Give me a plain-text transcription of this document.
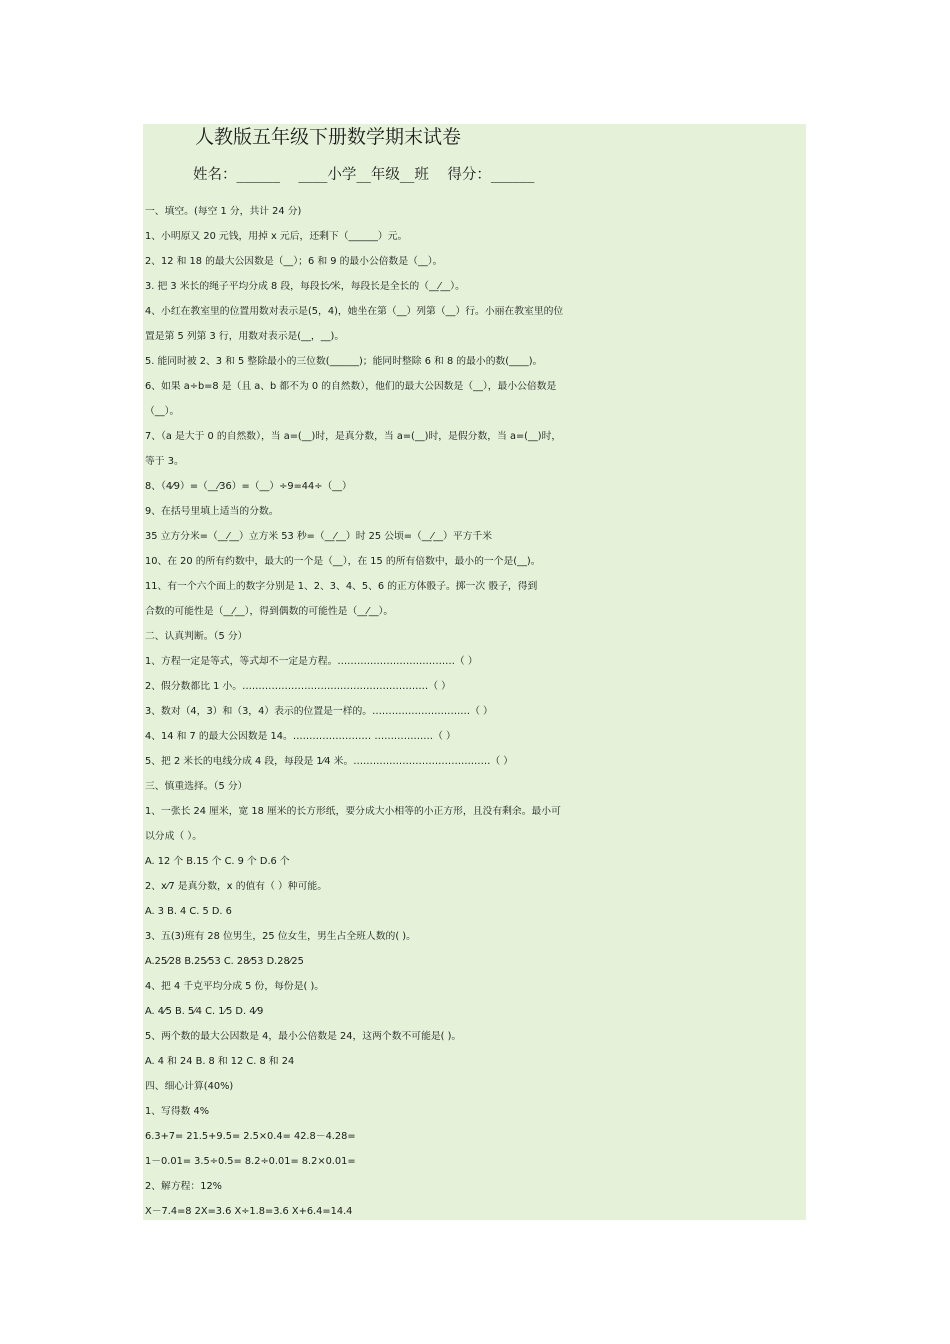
人教版五年级下册数学期末试卷
姓名：______    ____小学__年级__班    得分：______
一、填空。(每空 1 分，共计 24 分)
1、小明原又 20 元钱，用掉 x 元后，还剩下（______）元。
2、12 和 18 的最大公因数是（__）；6 和 9 的最小公倍数是（__）。
3. 把 3 米长的绳子平均分成 8 段，每段长⁄米，每段长是全长的（__⁄__）。
4、小红在教室里的位置用数对表示是(5，4)，她坐在第（__）列第（__）行。小丽在教室里的位
置是第 5 列第 3 行，用数对表示是(__，__)。
5. 能同时被 2、3 和 5 整除最小的三位数(______)；能同时整除 6 和 8 的最小的数(____)。
6、如果 a÷b=8 是（且 a、b 都不为 0 的自然数），他们的最大公因数是（__），最小公倍数是
（__）。
7、（a 是大于 0 的自然数），当 a=(__)时，是真分数，当 a=(__)时，是假分数，当 a=(__)时，
等于 3。
8、（4⁄9）=（__⁄36）=（__）÷9=44÷（__）
9、在括号里填上适当的分数。
35 立方分米=（__⁄__）立方米 53 秒=（__⁄__）时 25 公顷=（__⁄__）平方千米
10、在 20 的所有约数中，最大的一个是（__），在 15 的所有倍数中，最小的一个是(__)。
11、有一个六个面上的数字分别是 1、2、3、4、5、6 的正方体骰子。掷一次 骰子，得到
合数的可能性是（__⁄__），得到偶数的可能性是（__⁄__）。
二、认真判断。（5 分）
1、方程一定是等式，等式却不一定是方程。………………………………（ ）
2、假分数都比 1 小。…………………………………………………（ ）
3、数对（4，3）和（3，4）表示的位置是一样的。…………………………（ ）
4、14 和 7 的最大公因数是 14。…………………… ………………（ ）
5、把 2 米长的电线分成 4 段，每段是 1⁄4 米。……………………………………（ ）
三、慎重选择。（5 分）
1、一张长 24 厘米，宽 18 厘米的长方形纸，要分成大小相等的小正方形，且没有剩余。最小可
以分成（ ）。
A. 12 个 B.15 个 C. 9 个 D.6 个
2、x⁄7 是真分数，x 的值有（ ）种可能。
A. 3 B. 4 C. 5 D. 6
3、五(3)班有 28 位男生，25 位女生，男生占全班人数的( )。
A.25⁄28 B.25⁄53 C. 28⁄53 D.28⁄25
4、把 4 千克平均分成 5 份，每份是( )。
A. 4⁄5 B. 5⁄4 C. 1⁄5 D. 4⁄9
5、两个数的最大公因数是 4，最小公倍数是 24，这两个数不可能是( )。
A. 4 和 24 B. 8 和 12 C. 8 和 24
四、细心计算(40%)
1、写得数 4%
6.3+7= 21.5+9.5= 2.5×0.4= 42.8－4.28=
1－0.01= 3.5÷0.5= 8.2÷0.01= 8.2×0.01=
2、解方程：12%
X－7.4=8 2X=3.6 X÷1.8=3.6 X+6.4=14.4
